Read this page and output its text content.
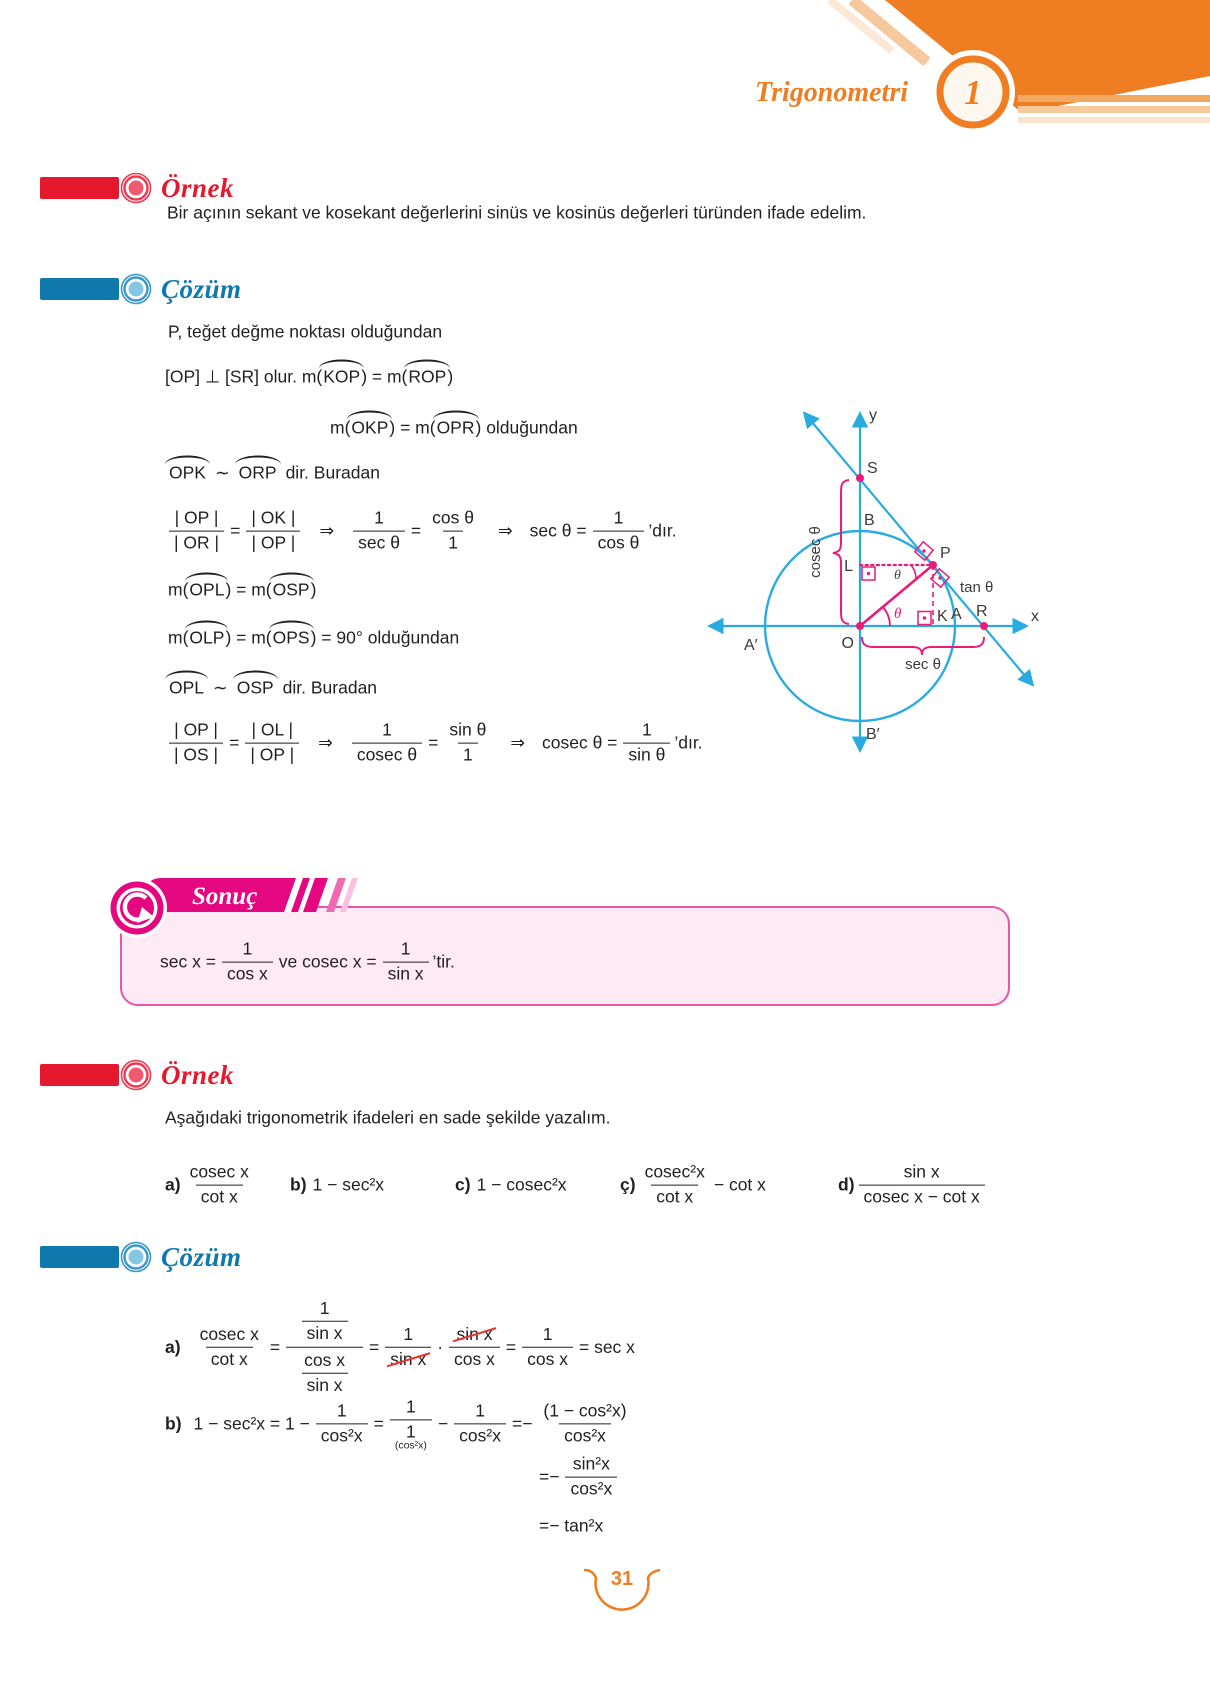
Trigonometri 1
Örnek
Bir açının sekant ve kosekant değerlerini sinüs ve kosinüs değerleri türünden ifade edelim.
Çözüm
P, teğet değme noktası olduğundan
[OP] ⊥ [SR] olur. m( KOP ) = m( ROP )
m( OKP ) = m( OPR ) olduğundan
OPK ∼ ORP dir. Buradan
$\frac{| OP |}{| OR |} = \frac{| OK |}{| OP |}$ ⇒ $\frac{1}{\text{sec θ}} = \frac{\text{cos θ}}{1}$ ⇒ $\sec \theta = \frac{1}{\text{cos θ}}$ ’dır.
m( OPL ) = m( OSP )
m( OLP ) = m( OPS ) = 90° olduğundan
OPL ∼ OSP dir. Buradan
$\frac{| OP |}{| OS |} = \frac{| OL |}{| OP |}$ ⇒ $\frac{1}{\text{cosec θ}} = \frac{\text{sin θ}}{1}$ ⇒ cosec $\theta = \frac{1}{\text{sin θ}}$ ’dır.
y
x
S
B
B′
A′	O
P
L
K A R
θ
θ
cosec θ
sec θ
tan θ
Sonuç
$\sec x = \frac{1}{\text{cos x}}$ ve cosec $x = \frac{1}{\text{sin x}}$ ’tir.
Örnek
Aşağıdaki trigonometrik ifadeleri en sade şekilde yazalım.
$a) \frac{\text{cosec x}}{\text{cot x}} b$) 1 − sec²x	c) 1 − cosec²x	ç) $\frac{\text{cosec²x}}{\text{cot x}} - \cot x$	$d) \frac{\text{sin x}}{\text{cosec x − cot x}}$
Çözüm
$a) \frac{\text{cosec x}}{\text{cot x}} = \frac{\frac{1}{\text{sin x}}}{\frac{\text{cos x}}{\text{sin x}}} = \frac{1}{\text{sin x}} \cdot \frac{\text{sin x}}{\text{cos x}} = \frac{1}{\text{cos x}} = \sec x$
b) $1 - \sec^2x = 1 - \frac{1}{\text{cos²x}} = 1$
1
$(\cos^2x) - \frac{1}{\text{cos²x}} =- \frac{\text{(1 − cos²x)}}{\text{cos²x}}$
=− $\frac{\text{sin²x}}{\text{cos²x}}$
=− tan²x
31
